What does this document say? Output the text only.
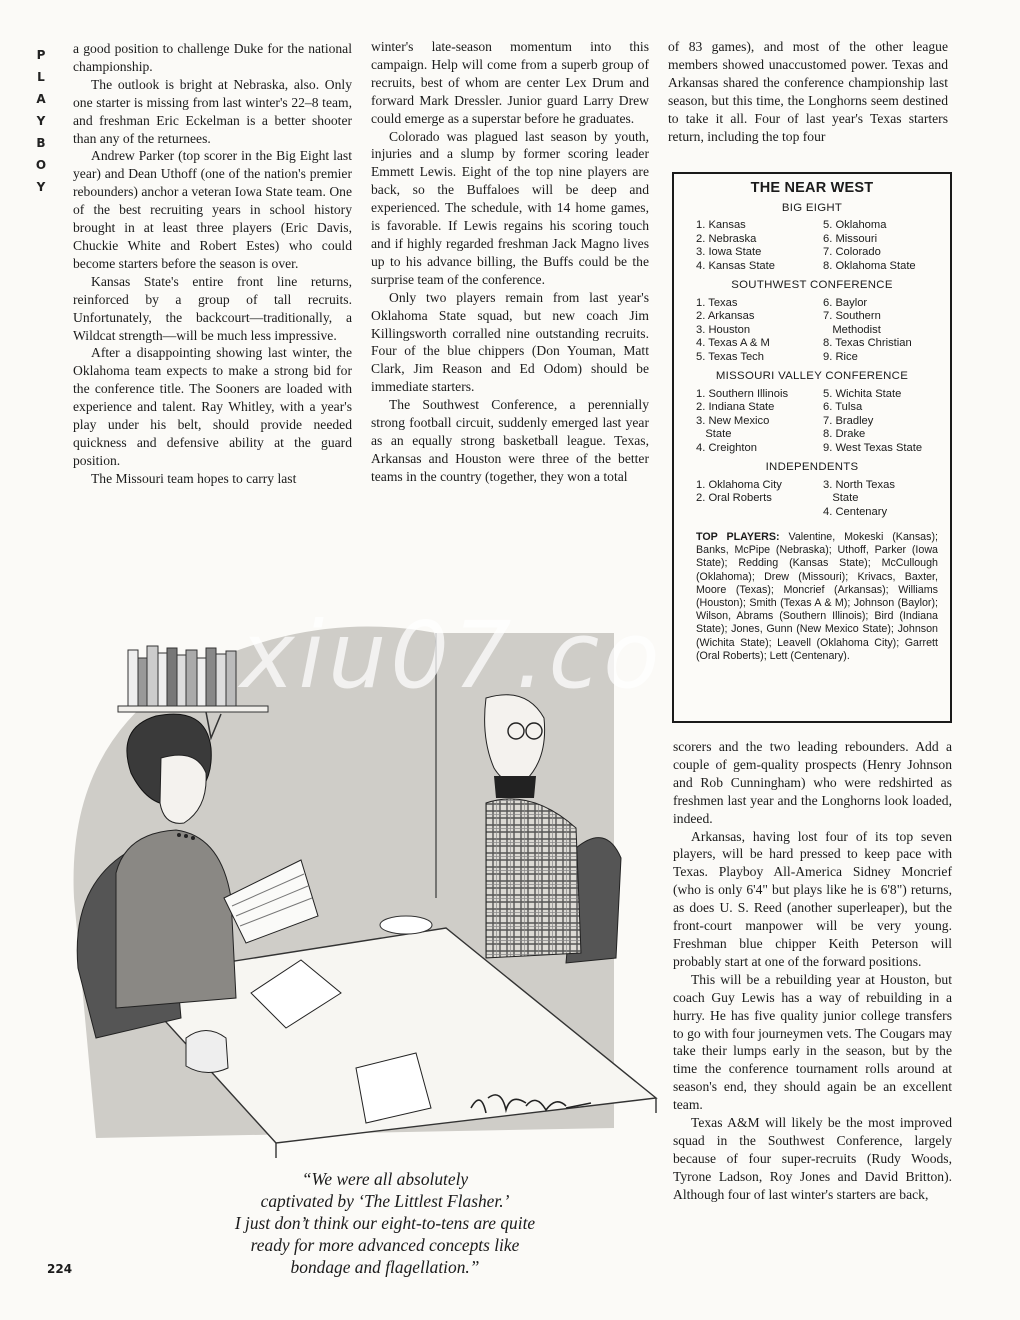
P
L
A
Y
B
O
Y

a good position to challenge Duke for the national championship.

The outlook is bright at Nebraska, also. Only one starter is missing from last winter's 22–8 team, and freshman Eric Eckelman is a better shooter than any of the returnees.

Andrew Parker (top scorer in the Big Eight last year) and Dean Uthoff (one of the nation's premier rebounders) anchor a veteran Iowa State team. One of the best recruiting years in school history brought in at least three players (Eric Davis, Chuckie White and Robert Estes) who could become starters before the season is over.

Kansas State's entire front line returns, reinforced by a group of tall recruits. Unfortunately, the backcourt—traditionally, a Wildcat strength—will be much less impressive.

After a disappointing showing last winter, the Oklahoma team expects to make a strong bid for the conference title. The Sooners are loaded with experience and talent. Ray Whitley, with a year's play under his belt, should provide needed quickness and defensive ability at the guard position.

The Missouri team hopes to carry last

winter's late-season momentum into this campaign. Help will come from a superb group of recruits, best of whom are center Lex Drum and forward Mark Dressler. Junior guard Larry Drew could emerge as a superstar before he graduates.

Colorado was plagued last season by youth, injuries and a slump by former scoring leader Emmett Lewis. Eight of the top nine players are back, so the Buffaloes will be deep and experienced. The schedule, with 14 home games, is favorable. If Lewis regains his scoring touch and if highly regarded freshman Jack Magno lives up to his advance billing, the Buffs could be the surprise team of the conference.

Only two players remain from last year's Oklahoma State squad, but new coach Jim Killingsworth corralled nine outstanding recruits. Four of the blue chippers (Don Youman, Matt Clark, Jim Reason and Ed Odom) should be immediate starters.

The Southwest Conference, a perennially strong football circuit, suddenly emerged last year as an equally strong basketball league. Texas, Arkansas and Houston were three of the better teams in the country (together, they won a total

of 83 games), and most of the other league members showed unaccustomed power. Texas and Arkansas shared the conference championship last season, but this time, the Longhorns seem destined to take it all. Four of last year's Texas starters return, including the top four

THE NEAR WEST
BIG EIGHT
1. Kansas	5. Oklahoma
2. Nebraska	6. Missouri
3. Iowa State	7. Colorado
4. Kansas State	8. Oklahoma State
SOUTHWEST CONFERENCE
1. Texas	6. Baylor
2. Arkansas	7. Southern
3. Houston	Methodist
4. Texas A & M	8. Texas Christian
5. Texas Tech	9. Rice
MISSOURI VALLEY CONFERENCE
1. Southern Illinois	5. Wichita State
2. Indiana State	6. Tulsa
3. New Mexico	7. Bradley
State	8. Drake
4. Creighton	9. West Texas State
INDEPENDENTS
1. Oklahoma City	3. North Texas
2. Oral Roberts	State
4. Centenary
TOP PLAYERS: Valentine, Mokeski (Kansas); Banks, McPipe (Nebraska); Uthoff, Parker (Iowa State); Redding (Kansas State); McCullough (Oklahoma); Drew (Missouri); Krivacs, Baxter, Moore (Texas); Moncrief (Arkansas); Williams (Houston); Smith (Texas A & M); Johnson (Baylor); Wilson, Abrams (Southern Illinois); Bird (Indiana State); Jones, Gunn (New Mexico State); Johnson (Wichita State); Leavell (Oklahoma City); Garrett (Oral Roberts); Lett (Centenary).

scorers and the two leading rebounders. Add a couple of gem-quality prospects (Henry Johnson and Rob Cunningham) who were redshirted as freshmen last year and the Longhorns look loaded, indeed.

Arkansas, having lost four of its top seven players, will be hard pressed to keep pace with Texas. Playboy All-America Sidney Moncrief (who is only 6'4" but plays like he is 6'8") returns, as does U. S. Reed (another superleaper), but the front-court manpower will be very young. Freshman blue chipper Keith Peterson will probably start at one of the forward positions.

This will be a rebuilding year at Houston, but coach Guy Lewis has a way of rebuilding in a hurry. He has five quality junior college transfers to go with four journeymen vets. The Cougars may take their lumps early in the season, but by the time the conference tournament rolls around at season's end, they should again be an excellent team.

Texas A&M will likely be the most improved squad in the Southwest Conference, largely because of four super-recruits (Rudy Woods, Tyrone Ladson, Roy Jones and David Britton). Although four of last winter's starters are back,

xiu07.co
“We were all absolutely
captivated by ‘The Littlest Flasher.’
I just don’t think our eight-to-tens are quite
ready for more advanced concepts like
bondage and flagellation.”
224
